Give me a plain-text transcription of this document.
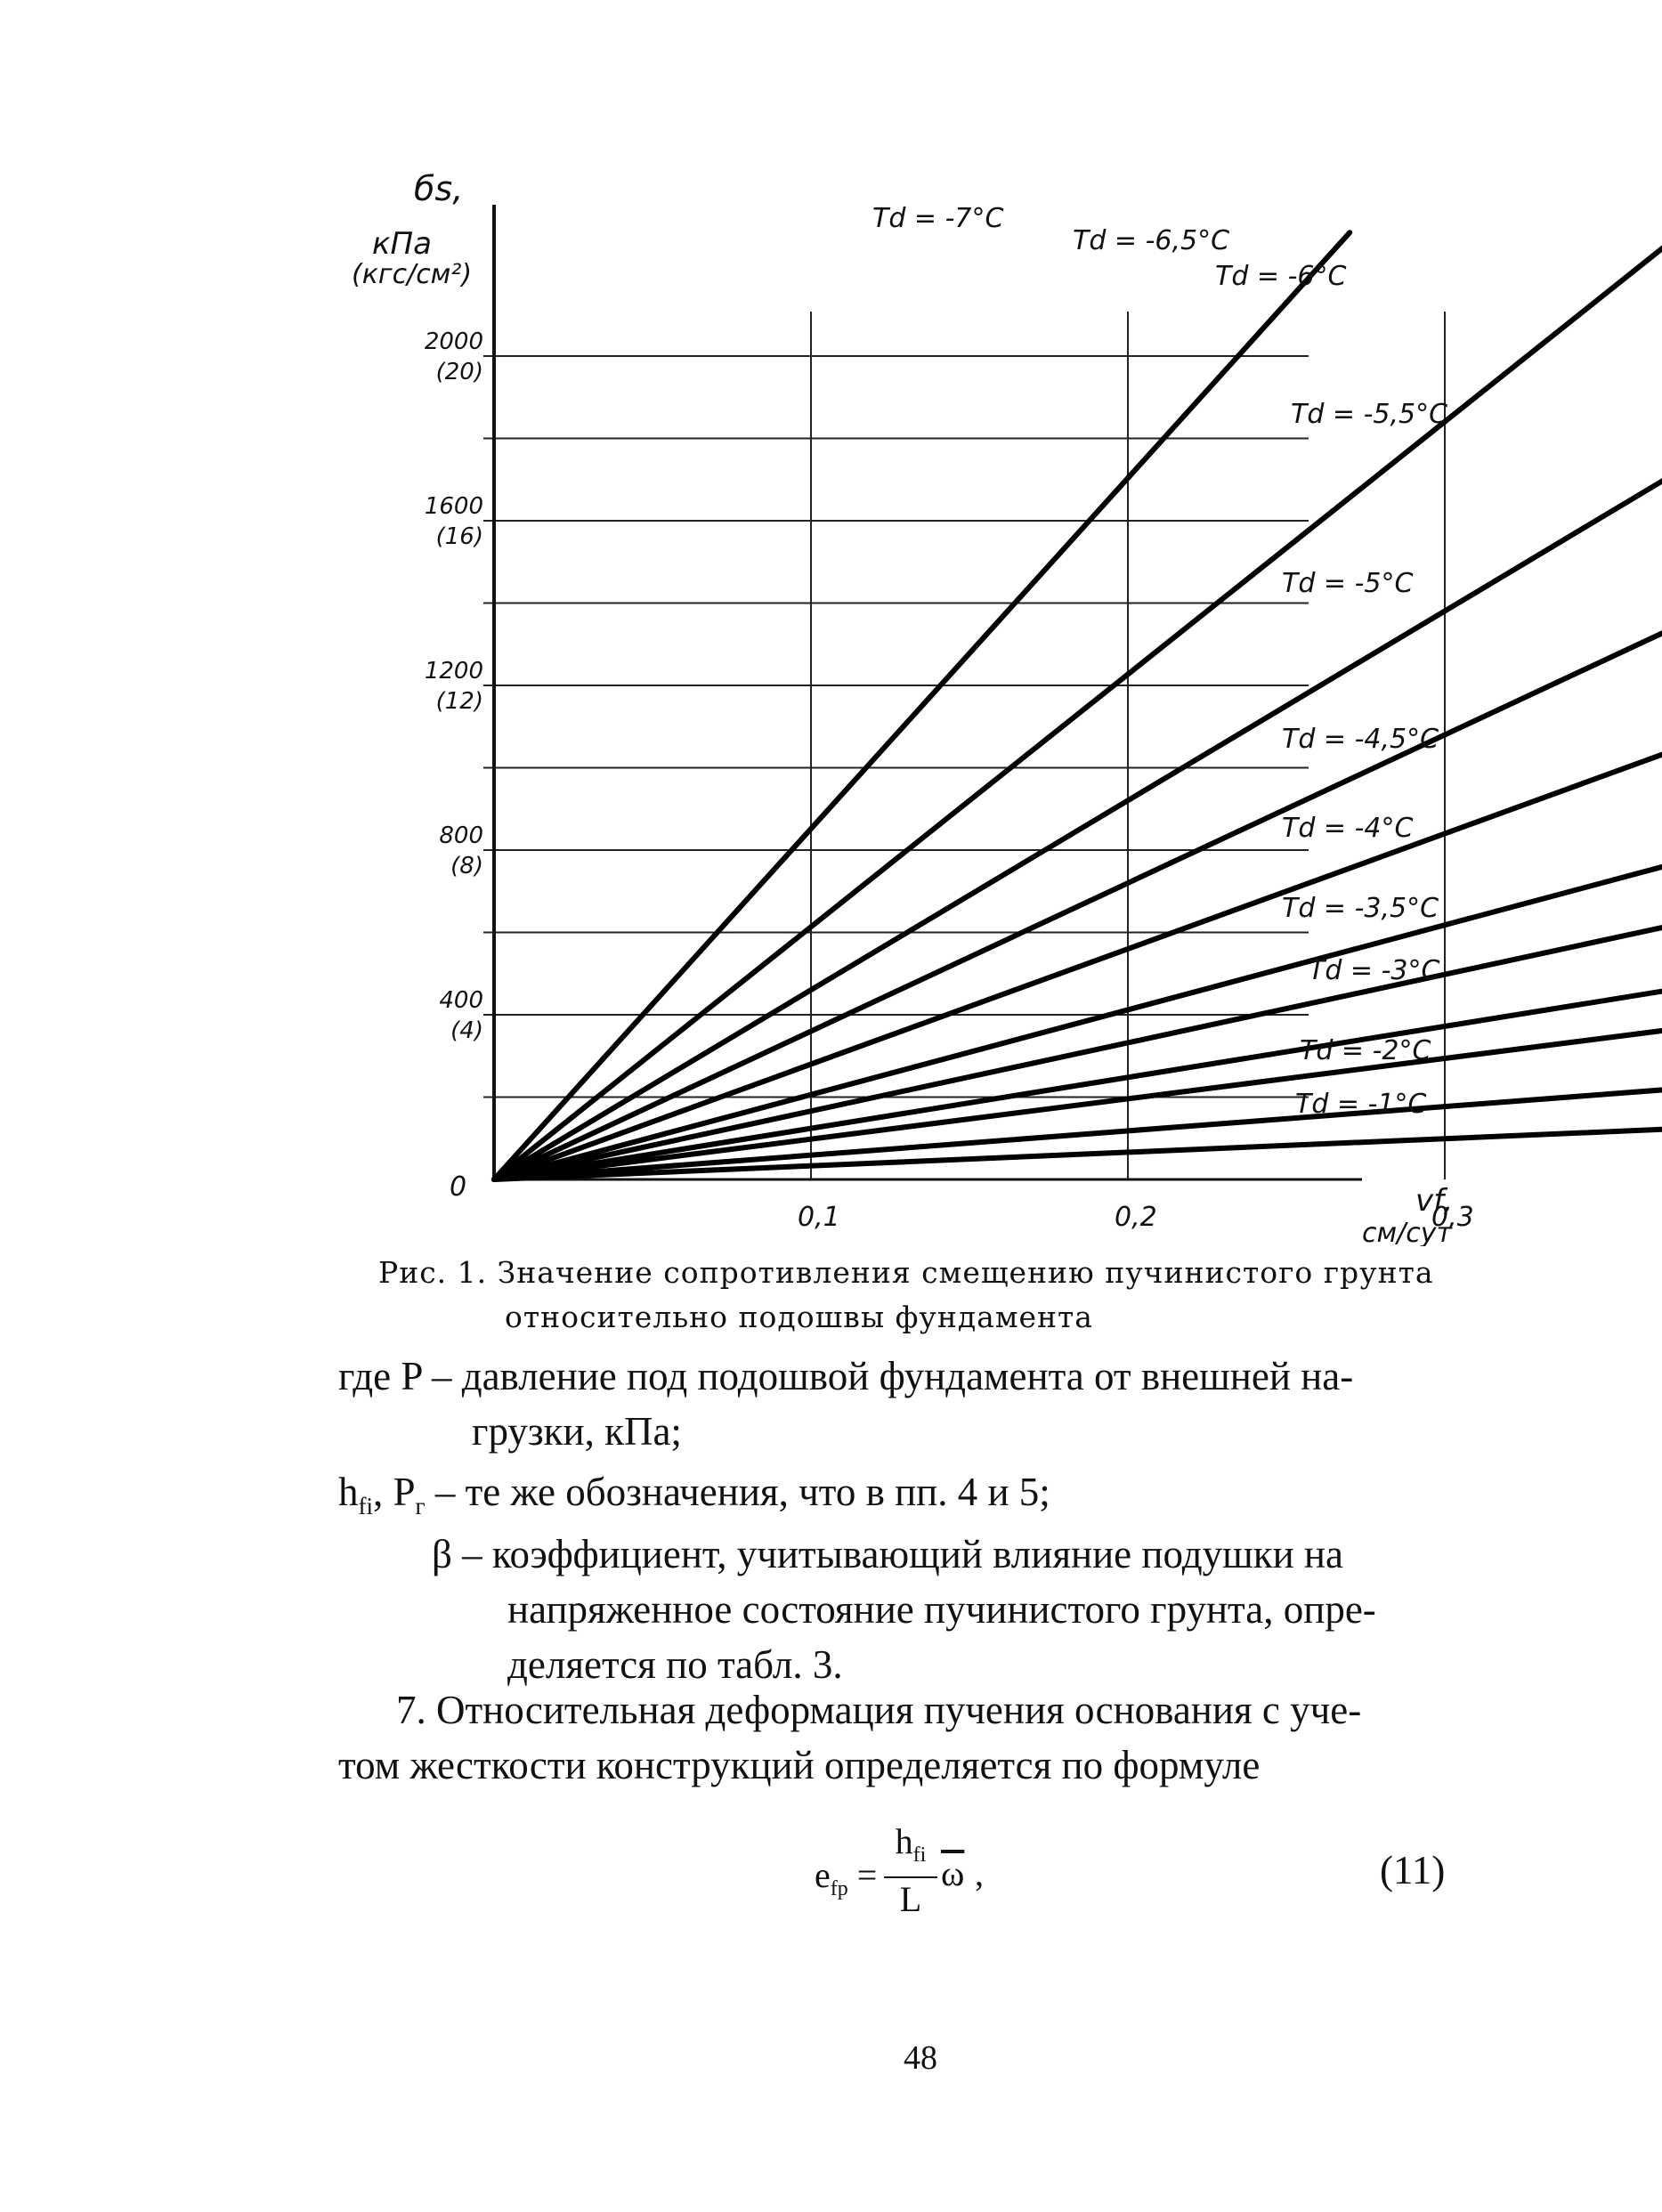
400
(4)
800
(8)
1200
(12)
1600
(16)
2000
(20)
0,1	0,2	0,3
0
бs,
кПа
(кгс/см²)
vf,
см/сут
Td = -7°С
Td = -6,5°С
Td = -6°С
Td = -5,5°С
Td = -5°С
Td = -4,5°С
Td = -4°С
Td = -3,5°С
Td = -3°С
Td = -2°С
Td = -1°С
Рис. 1. Значение сопротивления смещению пучинистого грунта
относительно подошвы фундамента
где P – давление под подошвой фундамента от внешней на-
грузки, кПа;
$h_{fi}$, $P_г$ – те же обозначения, что в пп. 4 и 5;
β – коэффициент, учитывающий влияние подушки на
напряженное состояние пучинистого грунта, опре-
деляется по табл. 3.
7. Относительная деформация пучения основания с уче-
том жесткости конструкций определяется по формуле
$e_{fp}$ =
$h_{fi}$
L
$\overline{\omega}$ ,	(11)
48
